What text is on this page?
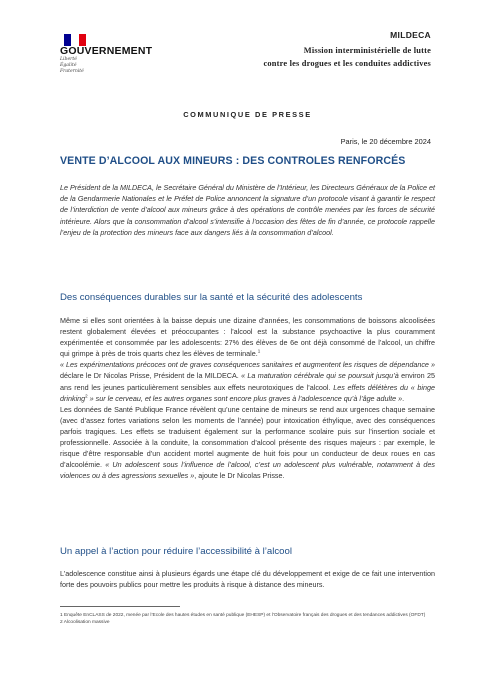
GOUVERNEMENT
Liberté
Égalité
Fraternité
MILDECA
Mission interministérielle de lutte
contre les drogues et les conduites addictives
COMMUNIQUE DE PRESSE
Paris, le 20 décembre 2024
VENTE D’ALCOOL AUX MINEURS : DES CONTROLES RENFORCÉS
Le Président de la MILDECA, le Secrétaire Général du Ministère de l’Intérieur, les Directeurs Généraux de la Police et de la Gendarmerie Nationales et le Préfet de Police annoncent la signature d’un protocole visant à garantir le respect de l’interdiction de vente d’alcool aux mineurs grâce à des opérations de contrôle menées par les forces de sécurité intérieure. Alors que la consommation d’alcool s’intensifie à l’occasion des fêtes de fin d’année, ce protocole rappelle l’enjeu de la protection des mineurs face aux dangers liés à la consommation d’alcool.
Des conséquences durables sur la santé et la sécurité des adolescents

Même si elles sont orientées à la baisse depuis une dizaine d’années, les consommations de boissons alcoolisées restent globalement élevées et préoccupantes : l’alcool est la substance psychoactive la plus couramment expérimentée et consommée par les adolescents: 27% des élèves de 6e ont déjà consommé de l’alcool, un chiffre qui grimpe à près de trois quarts chez les élèves de terminale.$^1$

« Les expérimentations précoces ont de graves conséquences sanitaires et augmentent les risques de dépendance » déclare le Dr Nicolas Prisse, Président de la MILDECA. « La maturation cérébrale qui se poursuit jusqu’à environ 25 ans rend les jeunes particulièrement sensibles aux effets neurotoxiques de l’alcool. Les effets délétères du « binge drinking$^2$ » sur le cerveau, et les autres organes sont encore plus graves à l’adolescence qu’à l’âge adulte ».

Les données de Santé Publique France révèlent qu’une centaine de mineurs se rend aux urgences chaque semaine (avec d’assez fortes variations selon les moments de l’année) pour intoxication éthylique, avec des conséquences parfois tragiques. Les effets se traduisent également sur la performance scolaire puis sur l’insertion sociale et professionnelle. Associée à la conduite, la consommation d’alcool présente des risques majeurs : par exemple, le risque d’être responsable d’un accident mortel augmente de huit fois pour un conducteur de deux roues en cas d’alcoolémie. « Un adolescent sous l’influence de l’alcool, c’est un adolescent plus vulnérable, notamment à des violences ou à des agressions sexuelles », ajoute le Dr Nicolas Prisse.

Un appel à l’action pour réduire l’accessibilité à l’alcool

L’adolescence constitue ainsi à plusieurs égards une étape clé du développement et exige de ce fait une intervention forte des pouvoirs publics pour mettre les produits à risque à distance des mineurs.

1 Enquête EnCLASS de 2022, menée par l’Ecole des hautes études en santé publique (EHESP) et l’Observatoire français des drogues et des tendances addictives (OFDT)
2 Alcoolisation massive
